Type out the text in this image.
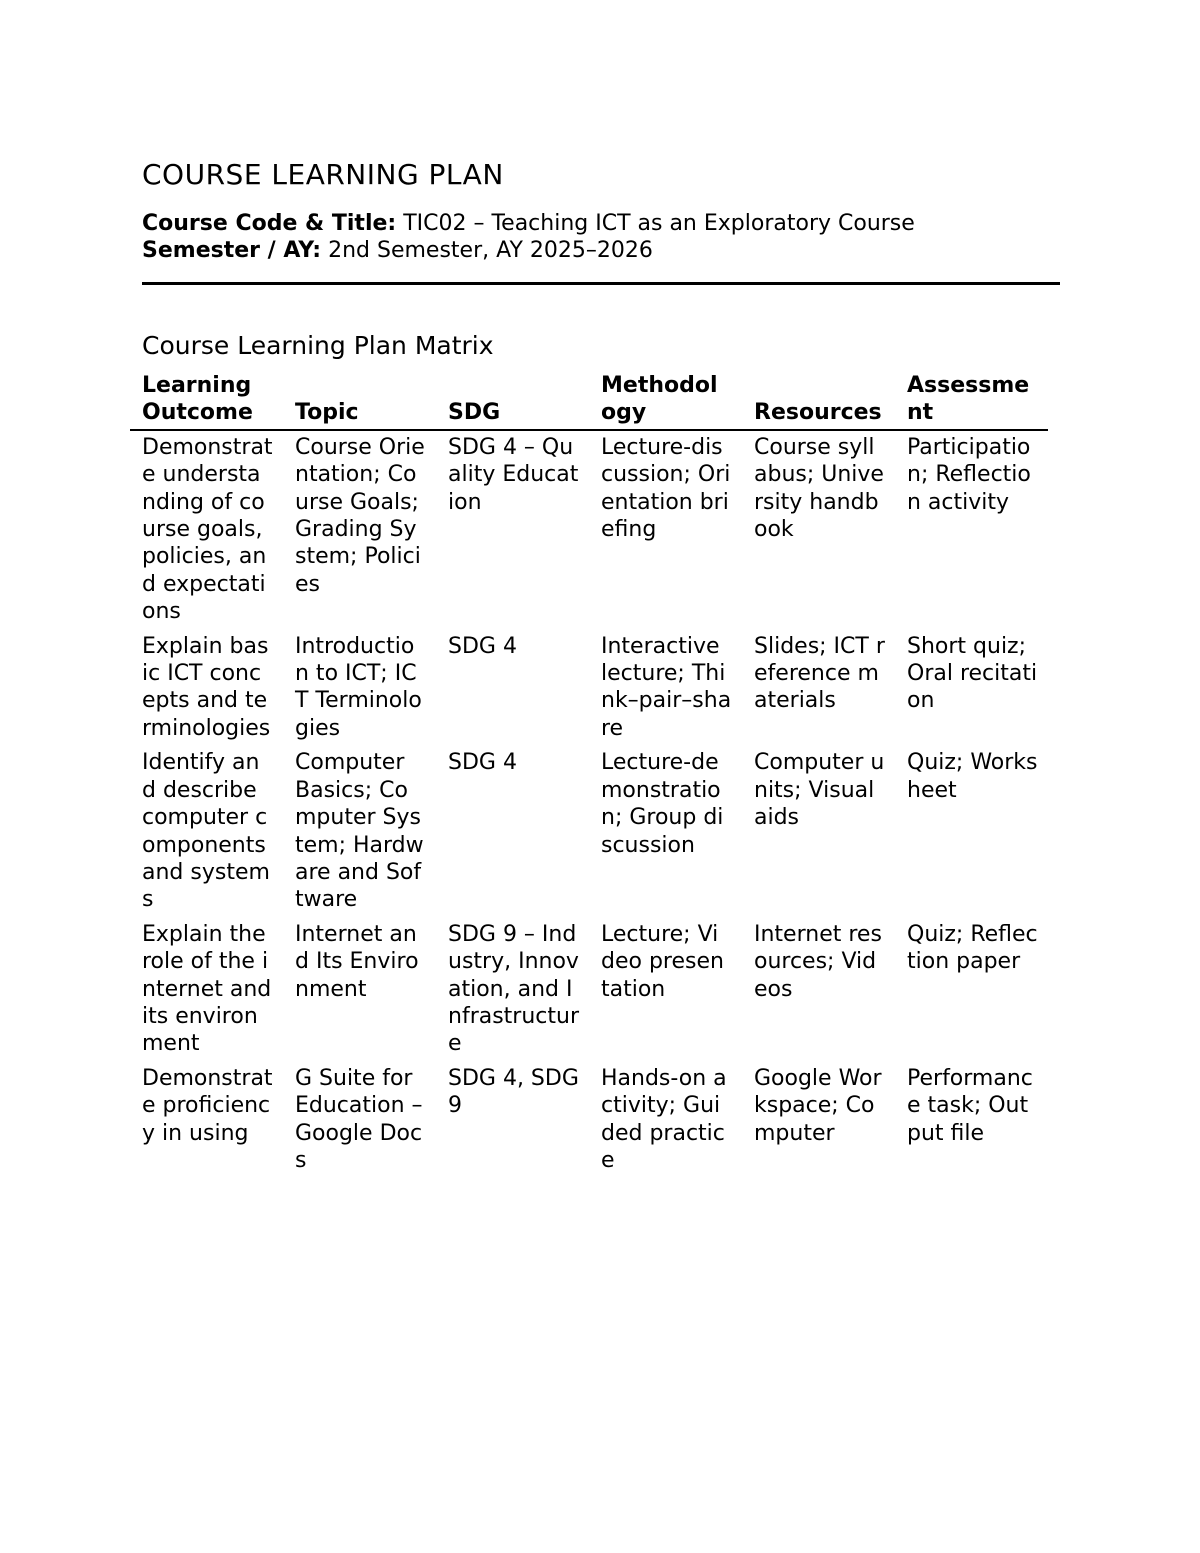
COURSE LEARNING PLAN
Course Code & Title: TIC02 – Teaching ICT as an Exploratory Course
Semester / AY: 2nd Semester, AY 2025–2026
Course Learning Plan Matrix
Learning Outcome	Topic	SDG	Methodology	Resources	Assessment
Demonstrate understanding of course goals, policies, and expectations	Course Orientation; Course Goals; Grading System; Policies	SDG 4 – Quality Education	Lecture-discussion; Orientation briefing	Course syllabus; University handbook	Participation; Reflection activity
Explain basic ICT concepts and terminologies	Introduction to ICT; ICT Terminologies	SDG 4	Interactive lecture; Think–pair–share	Slides; ICT reference materials	Short quiz; Oral recitation
Identify and describe computer components and systems	Computer Basics; Computer System; Hardware and Software	SDG 4	Lecture-demonstration; Group discussion	Computer units; Visual aids	Quiz; Worksheet
Explain the role of the internet and its environment	Internet and Its Environment	SDG 9 – Industry, Innovation, and Infrastructure	Lecture; Video presentation	Internet resources; Videos	Quiz; Reflection paper
Demonstrate proficiency in using	G Suite for Education – Google Docs	SDG 4, SDG 9	Hands-on activity; Guided practice	Google Workspace; Computer	Performance task; Output file
